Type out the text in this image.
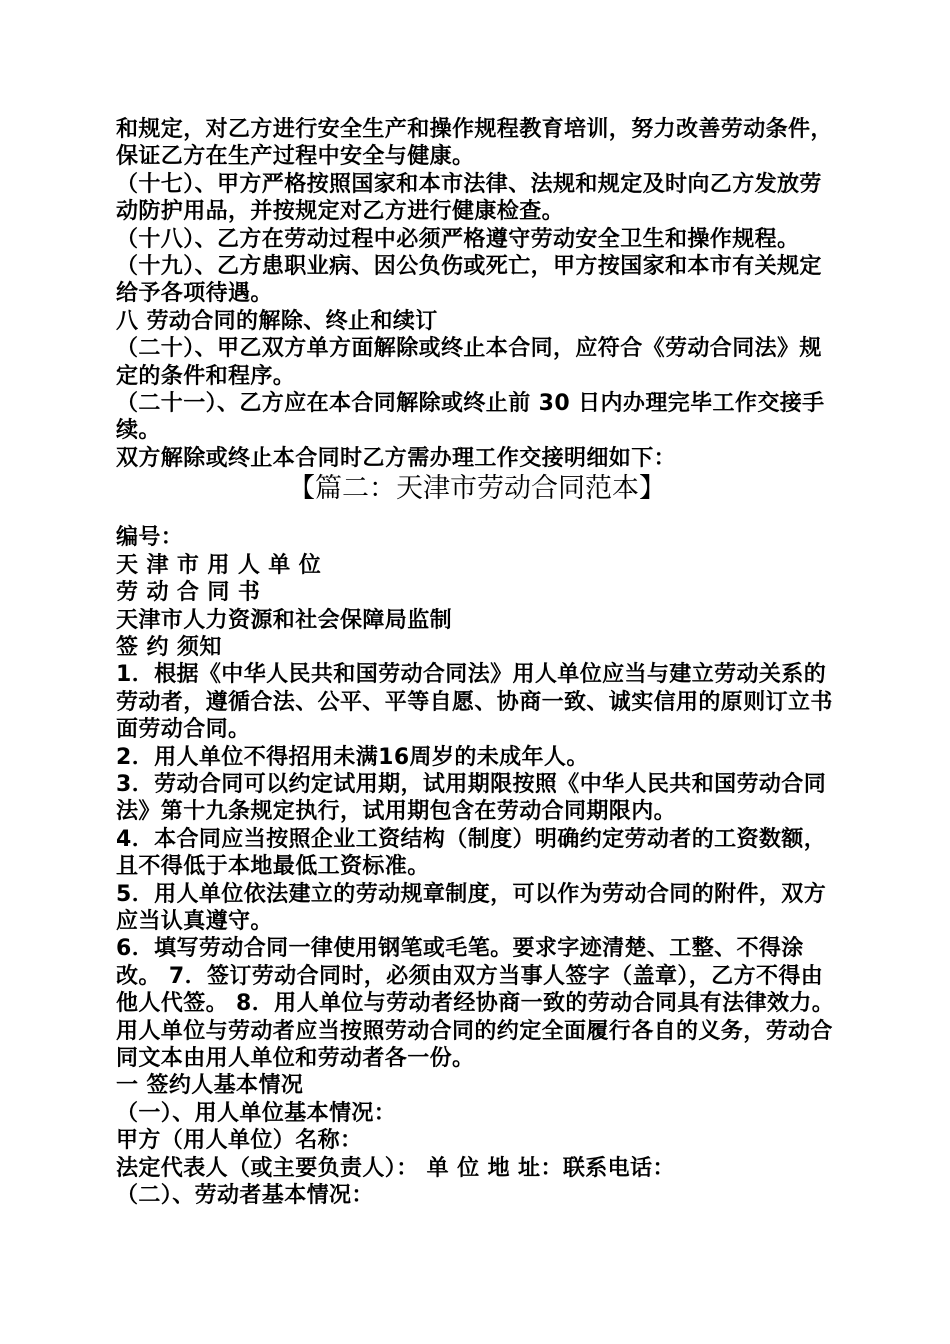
和规定，对乙方进行安全生产和操作规程教育培训，努力改善劳动条件，保证乙方在生产过程中安全与健康。

（十七）、甲方严格按照国家和本市法律、法规和规定及时向乙方发放劳动防护用品，并按规定对乙方进行健康检查。

（十八）、乙方在劳动过程中必须严格遵守劳动安全卫生和操作规程。 （十九）、乙方患职业病、因公负伤或死亡，甲方按国家和本市有关规定给予各项待遇。

八 劳动合同的解除、终止和续订

（二十）、甲乙双方单方面解除或终止本合同，应符合《劳动合同法》规定的条件和程序。

（二十一）、乙方应在本合同解除或终止前 30 日内办理完毕工作交接手续。

双方解除或终止本合同时乙方需办理工作交接明细如下：

【篇二：天津市劳动合同范本】

编号：

天 津 市 用 人 单 位

劳 动 合 同 书

天津市人力资源和社会保障局监制

签 约 须知

1．根据《中华人民共和国劳动合同法》用人单位应当与建立劳动关系的劳动者，遵循合法、公平、平等自愿、协商一致、诚实信用的原则订立书面劳动合同。

2．用人单位不得招用未满16周岁的未成年人。

3．劳动合同可以约定试用期，试用期限按照《中华人民共和国劳动合同法》第十九条规定执行，试用期包含在劳动合同期限内。

4．本合同应当按照企业工资结构（制度）明确约定劳动者的工资数额，且不得低于本地最低工资标准。

5．用人单位依法建立的劳动规章制度，可以作为劳动合同的附件，双方应当认真遵守。

6．填写劳动合同一律使用钢笔或毛笔。要求字迹清楚、工整、不得涂改。 7．签订劳动合同时，必须由双方当事人签字（盖章），乙方不得由他人代签。 8．用人单位与劳动者经协商一致的劳动合同具有法律效力。用人单位与劳动者应当按照劳动合同的约定全面履行各自的义务，劳动合同文本由用人单位和劳动者各一份。

一 签约人基本情况

（一）、用人单位基本情况：

甲方（用人单位）名称：

法定代表人（或主要负责人）： 单 位 地 址：联系电话：

（二）、劳动者基本情况：
